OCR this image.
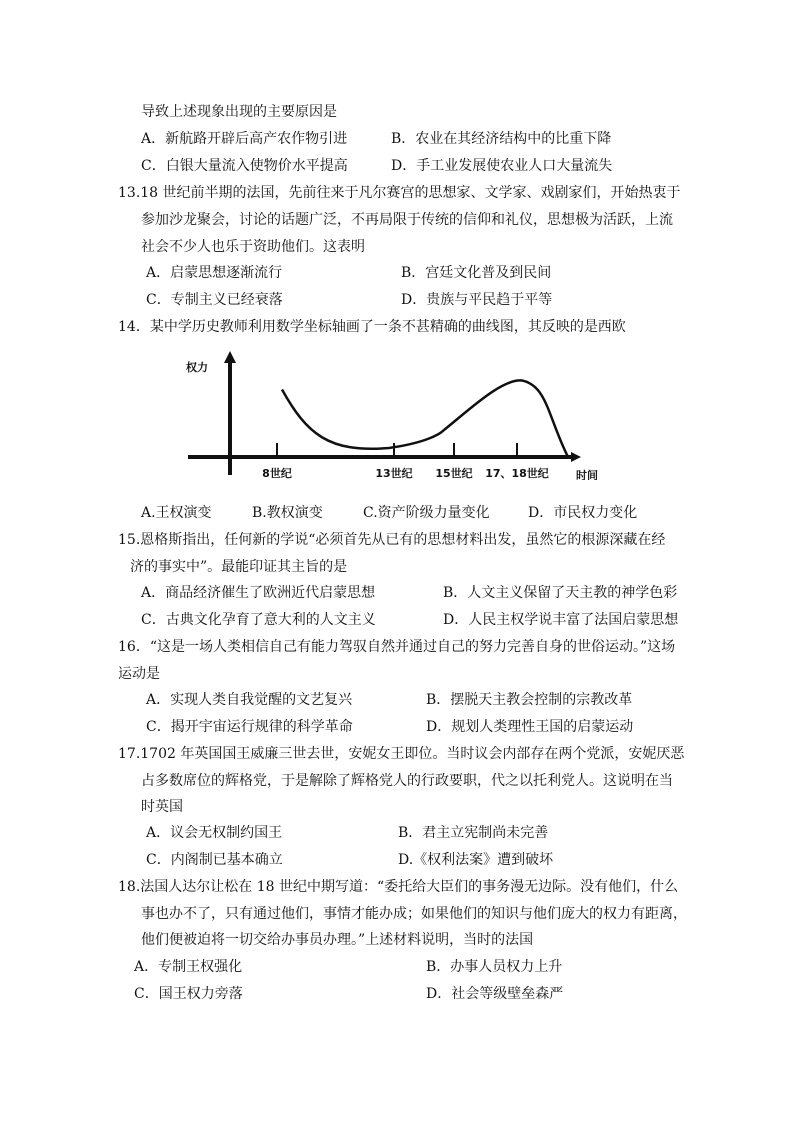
导致上述现象出现的主要原因是
A．新航路开辟后高产农作物引进	B．农业在其经济结构中的比重下降
C．白银大量流入使物价水平提高	D．手工业发展使农业人口大量流失
13.18 世纪前半期的法国，先前往来于凡尔赛宫的思想家、文学家、戏剧家们，开始热衷于
参加沙龙聚会，讨论的话题广泛，不再局限于传统的信仰和礼仪，思想极为活跃，上流
社会不少人也乐于资助他们。这表明
A．启蒙思想逐渐流行	B．宫廷文化普及到民间
C．专制主义已经衰落	D．贵族与平民趋于平等
14．某中学历史教师利用数学坐标轴画了一条不甚精确的曲线图，其反映的是西欧
权力
时间
8世纪	13世纪 15世纪 17、18世纪
A.王权演变	B.教权演变	C.资产阶级力量变化	D．市民权力变化
15.恩格斯指出，任何新的学说“必须首先从已有的思想材料出发，虽然它的根源深藏在经
济的事实中”。最能印证其主旨的是
A．商品经济催生了欧洲近代启蒙思想	B．人文主义保留了天主教的神学色彩
C．古典文化孕育了意大利的人文主义	D．人民主权学说丰富了法国启蒙思想
16．“这是一场人类相信自己有能力驾驭自然并通过自己的努力完善自身的世俗运动。”这场
运动是
A．实现人类自我觉醒的文艺复兴	B．摆脱天主教会控制的宗教改革
C．揭开宇宙运行规律的科学革命	D．规划人类理性王国的启蒙运动
17.1702 年英国国王威廉三世去世，安妮女王即位。当时议会内部存在两个党派，安妮厌恶
占多数席位的辉格党，于是解除了辉格党人的行政要职，代之以托利党人。这说明在当
时英国
A．议会无权制约国王	B．君主立宪制尚未完善
C．内阁制已基本确立	D.《权利法案》遭到破坏
18.法国人达尔让松在 18 世纪中期写道：“委托给大臣们的事务漫无边际。没有他们，什么
事也办不了，只有通过他们，事情才能办成；如果他们的知识与他们庞大的权力有距离，
他们便被迫将一切交给办事员办理。”上述材料说明，当时的法国
A．专制王权强化	B．办事人员权力上升
C．国王权力旁落	D．社会等级壁垒森严
